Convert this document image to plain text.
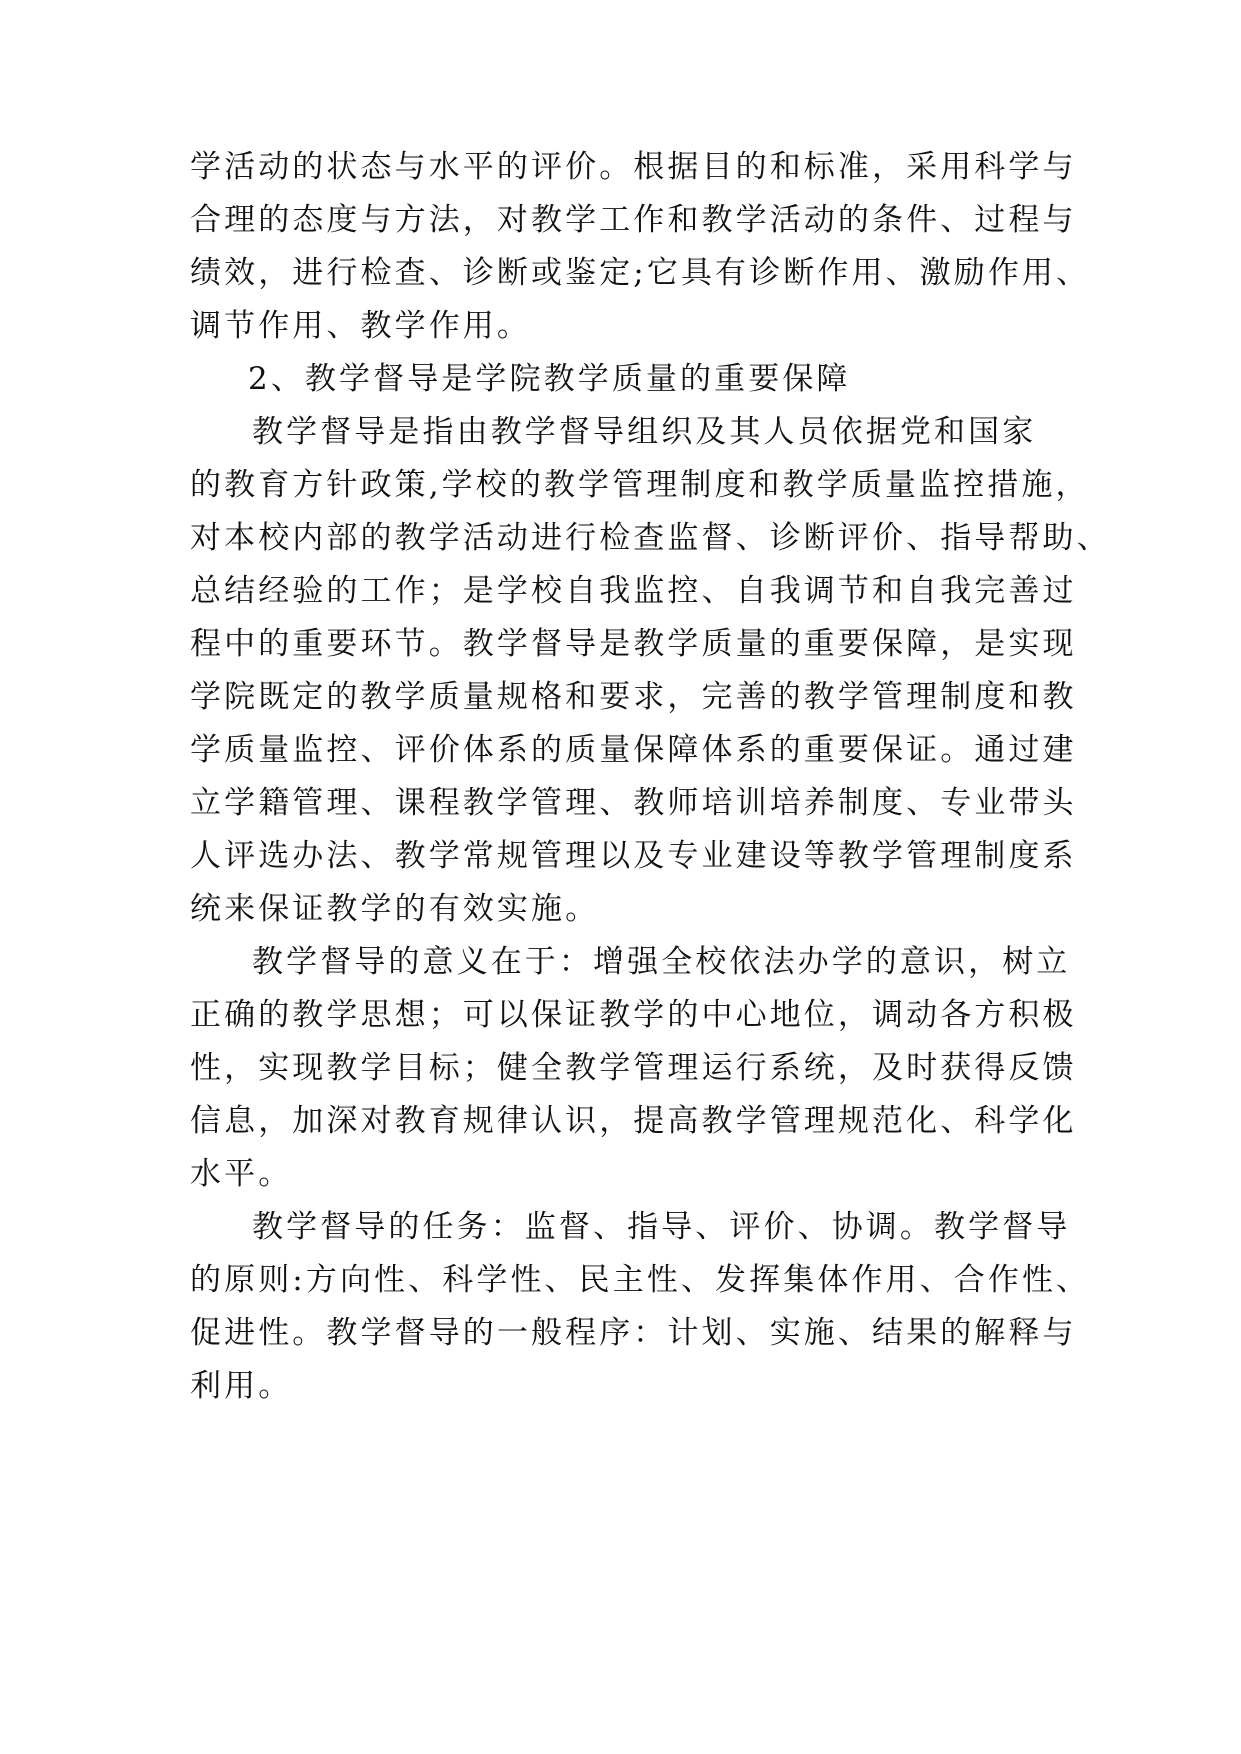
学活动的状态与水平的评价。根据目的和标准，采用科学与

合理的态度与方法，对教学工作和教学活动的条件、过程与

绩效，进行检查、诊断或鉴定;它具有诊断作用、激励作用、

调节作用、教学作用。

2、教学督导是学院教学质量的重要保障

教学督导是指由教学督导组织及其人员依据党和国家

的教育方针政策,学校的教学管理制度和教学质量监控措施，

对本校内部的教学活动进行检查监督、诊断评价、指导帮助、

总结经验的工作；是学校自我监控、自我调节和自我完善过

程中的重要环节。教学督导是教学质量的重要保障，是实现

学院既定的教学质量规格和要求，完善的教学管理制度和教

学质量监控、评价体系的质量保障体系的重要保证。通过建

立学籍管理、课程教学管理、教师培训培养制度、专业带头

人评选办法、教学常规管理以及专业建设等教学管理制度系

统来保证教学的有效实施。

教学督导的意义在于：增强全校依法办学的意识，树立

正确的教学思想；可以保证教学的中心地位，调动各方积极

性，实现教学目标；健全教学管理运行系统，及时获得反馈

信息，加深对教育规律认识，提高教学管理规范化、科学化

水平。

教学督导的任务：监督、指导、评价、协调。教学督导

的原则:方向性、科学性、民主性、发挥集体作用、合作性、

促进性。教学督导的一般程序：计划、实施、结果的解释与

利用。
